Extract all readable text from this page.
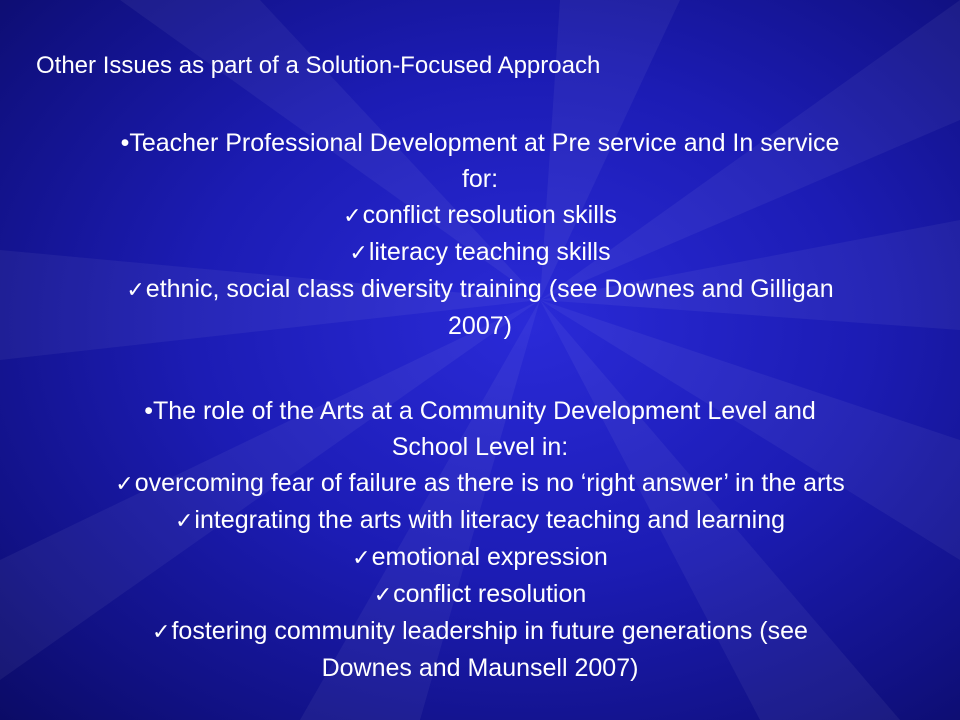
Other Issues as part of a Solution-Focused Approach

•Teacher Professional Development at Pre service and In service

for:

✓conflict resolution skills

✓literacy teaching skills

✓ethnic, social class diversity training (see Downes and Gilligan

2007)

•The role of the Arts at a Community Development Level and

School Level in:

✓overcoming fear of failure as there is no ‘right answer’ in the arts

✓integrating the arts with literacy teaching and learning

✓emotional expression

✓conflict resolution

✓fostering community leadership in future generations (see

Downes and Maunsell 2007)
